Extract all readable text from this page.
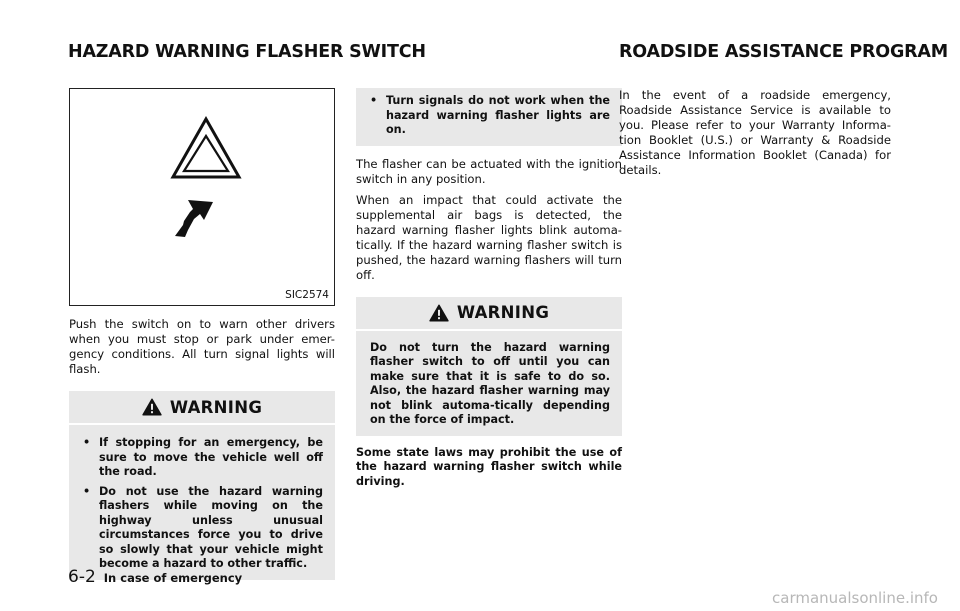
HAZARD WARNING FLASHER SWITCH	ROADSIDE ASSISTANCE PROGRAM
SIC2574
Push the switch on to warn other drivers when you must stop or park under emer-gency conditions. All turn signal lights will flash.
WARNING
• If stopping for an emergency, be sure to move the vehicle well off the road.
• Do not use the hazard warning flashers while moving on the highway unless unusual circumstances force you to drive so slowly that your vehicle might become a hazard to other traffic.
• Turn signals do not work when the hazard warning flasher lights are on.
The flasher can be actuated with the ignition switch in any position.
When an impact that could activate the supplemental air bags is detected, the hazard warning flasher lights blink automa-tically. If the hazard warning flasher switch is pushed, the hazard warning flashers will turn off.
WARNING
Do not turn the hazard warning flasher switch to off until you can make sure that it is safe to do so. Also, the hazard flasher warning may not blink automa-tically depending on the force of impact.
Some state laws may prohibit the use of the hazard warning flasher switch while driving.
In the event of a roadside emergency, Roadside Assistance Service is available to you. Please refer to your Warranty Informa-tion Booklet (U.S.) or Warranty & Roadside Assistance Information Booklet (Canada) for details.
6-2 In case of emergency
carmanualsonline.info
